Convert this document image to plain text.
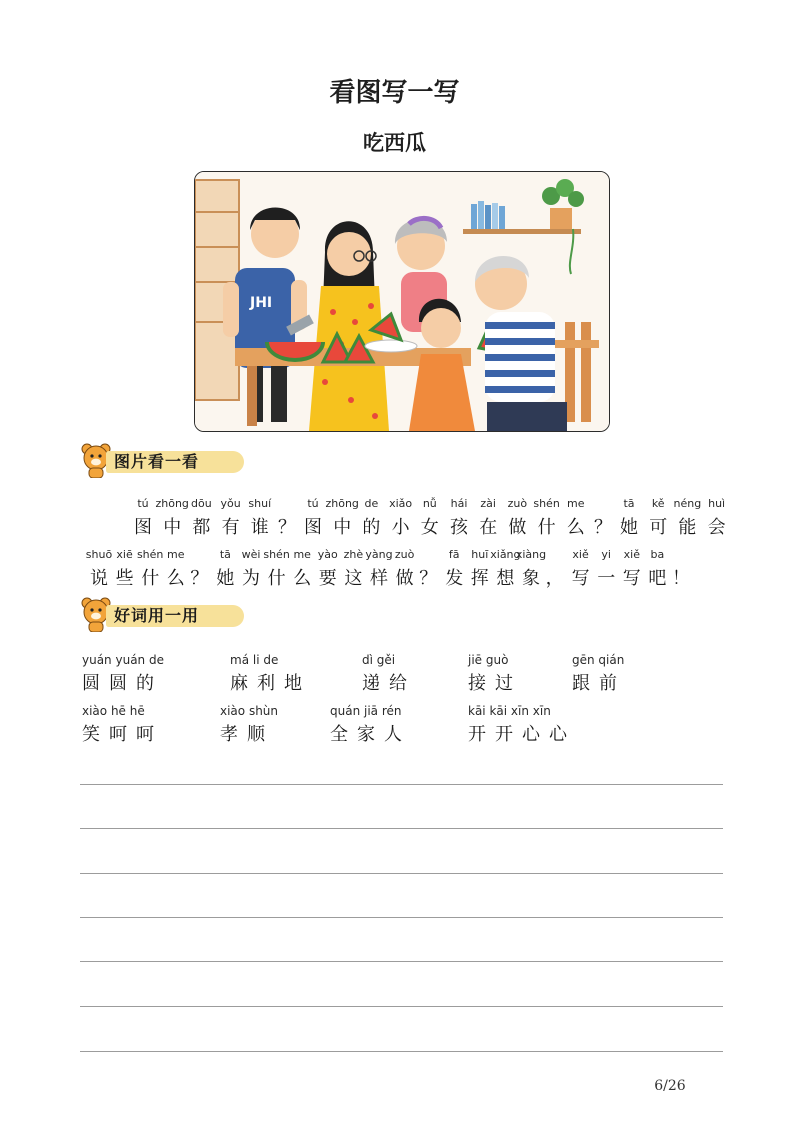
看图写一写
吃西瓜
JHI
图片看一看
tú
图
zhōng
中
dōu
都
yǒu
有
shuí
谁 ？
tú
图
zhōng
中
de
的
xiǎo
小
nǚ
女
hái
孩
zài
在
zuò
做
shén
什
me
么 ？
tā
她
kě
可
néng
能
huì
会
shuō
说
xiē
些
shén
什
me
么 ？
tā
她
wèi
为
shén
什
me
么
yào
要
zhè
这
yàng
样
zuò
做 ？
fā
发
huī
挥
xiǎng
想
xiàng
象 ，
xiě
写
yi
一
xiě
写
ba
吧 ！
好词用一用
yuán yuán de
圆圆的
má li de
麻利地
dì gěi
递给
jiē guò
接过
gēn qián
跟前
xiào hē hē
笑呵呵
xiào shùn
孝顺
quán jiā rén
全家人
kāi kāi xīn xīn
开开心心
6/26
